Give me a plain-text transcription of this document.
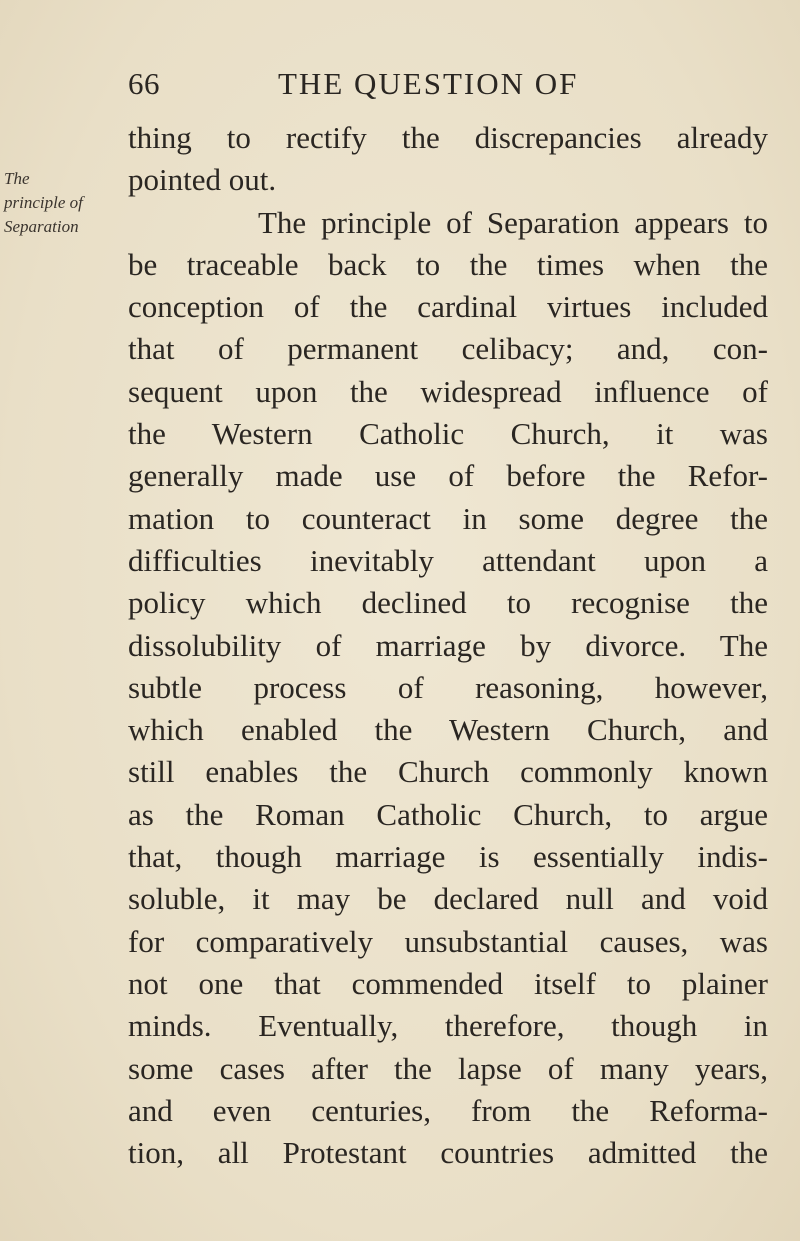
66	THE QUESTION OF
The
principle of
Separation
thing to rectify the discrepancies already
pointed out.
The principle of Separation appears to
be traceable back to the times when the
conception of the cardinal virtues included
that of permanent celibacy; and, con-
sequent upon the widespread influence of
the Western Catholic Church, it was
generally made use of before the Refor-
mation to counteract in some degree the
difficulties inevitably attendant upon a
policy which declined to recognise the
dissolubility of marriage by divorce. The
subtle process of reasoning, however,
which enabled the Western Church, and
still enables the Church commonly known
as the Roman Catholic Church, to argue
that, though marriage is essentially indis-
soluble, it may be declared null and void
for comparatively unsubstantial causes, was
not one that commended itself to plainer
minds. Eventually, therefore, though in
some cases after the lapse of many years,
and even centuries, from the Reforma-
tion, all Protestant countries admitted the
